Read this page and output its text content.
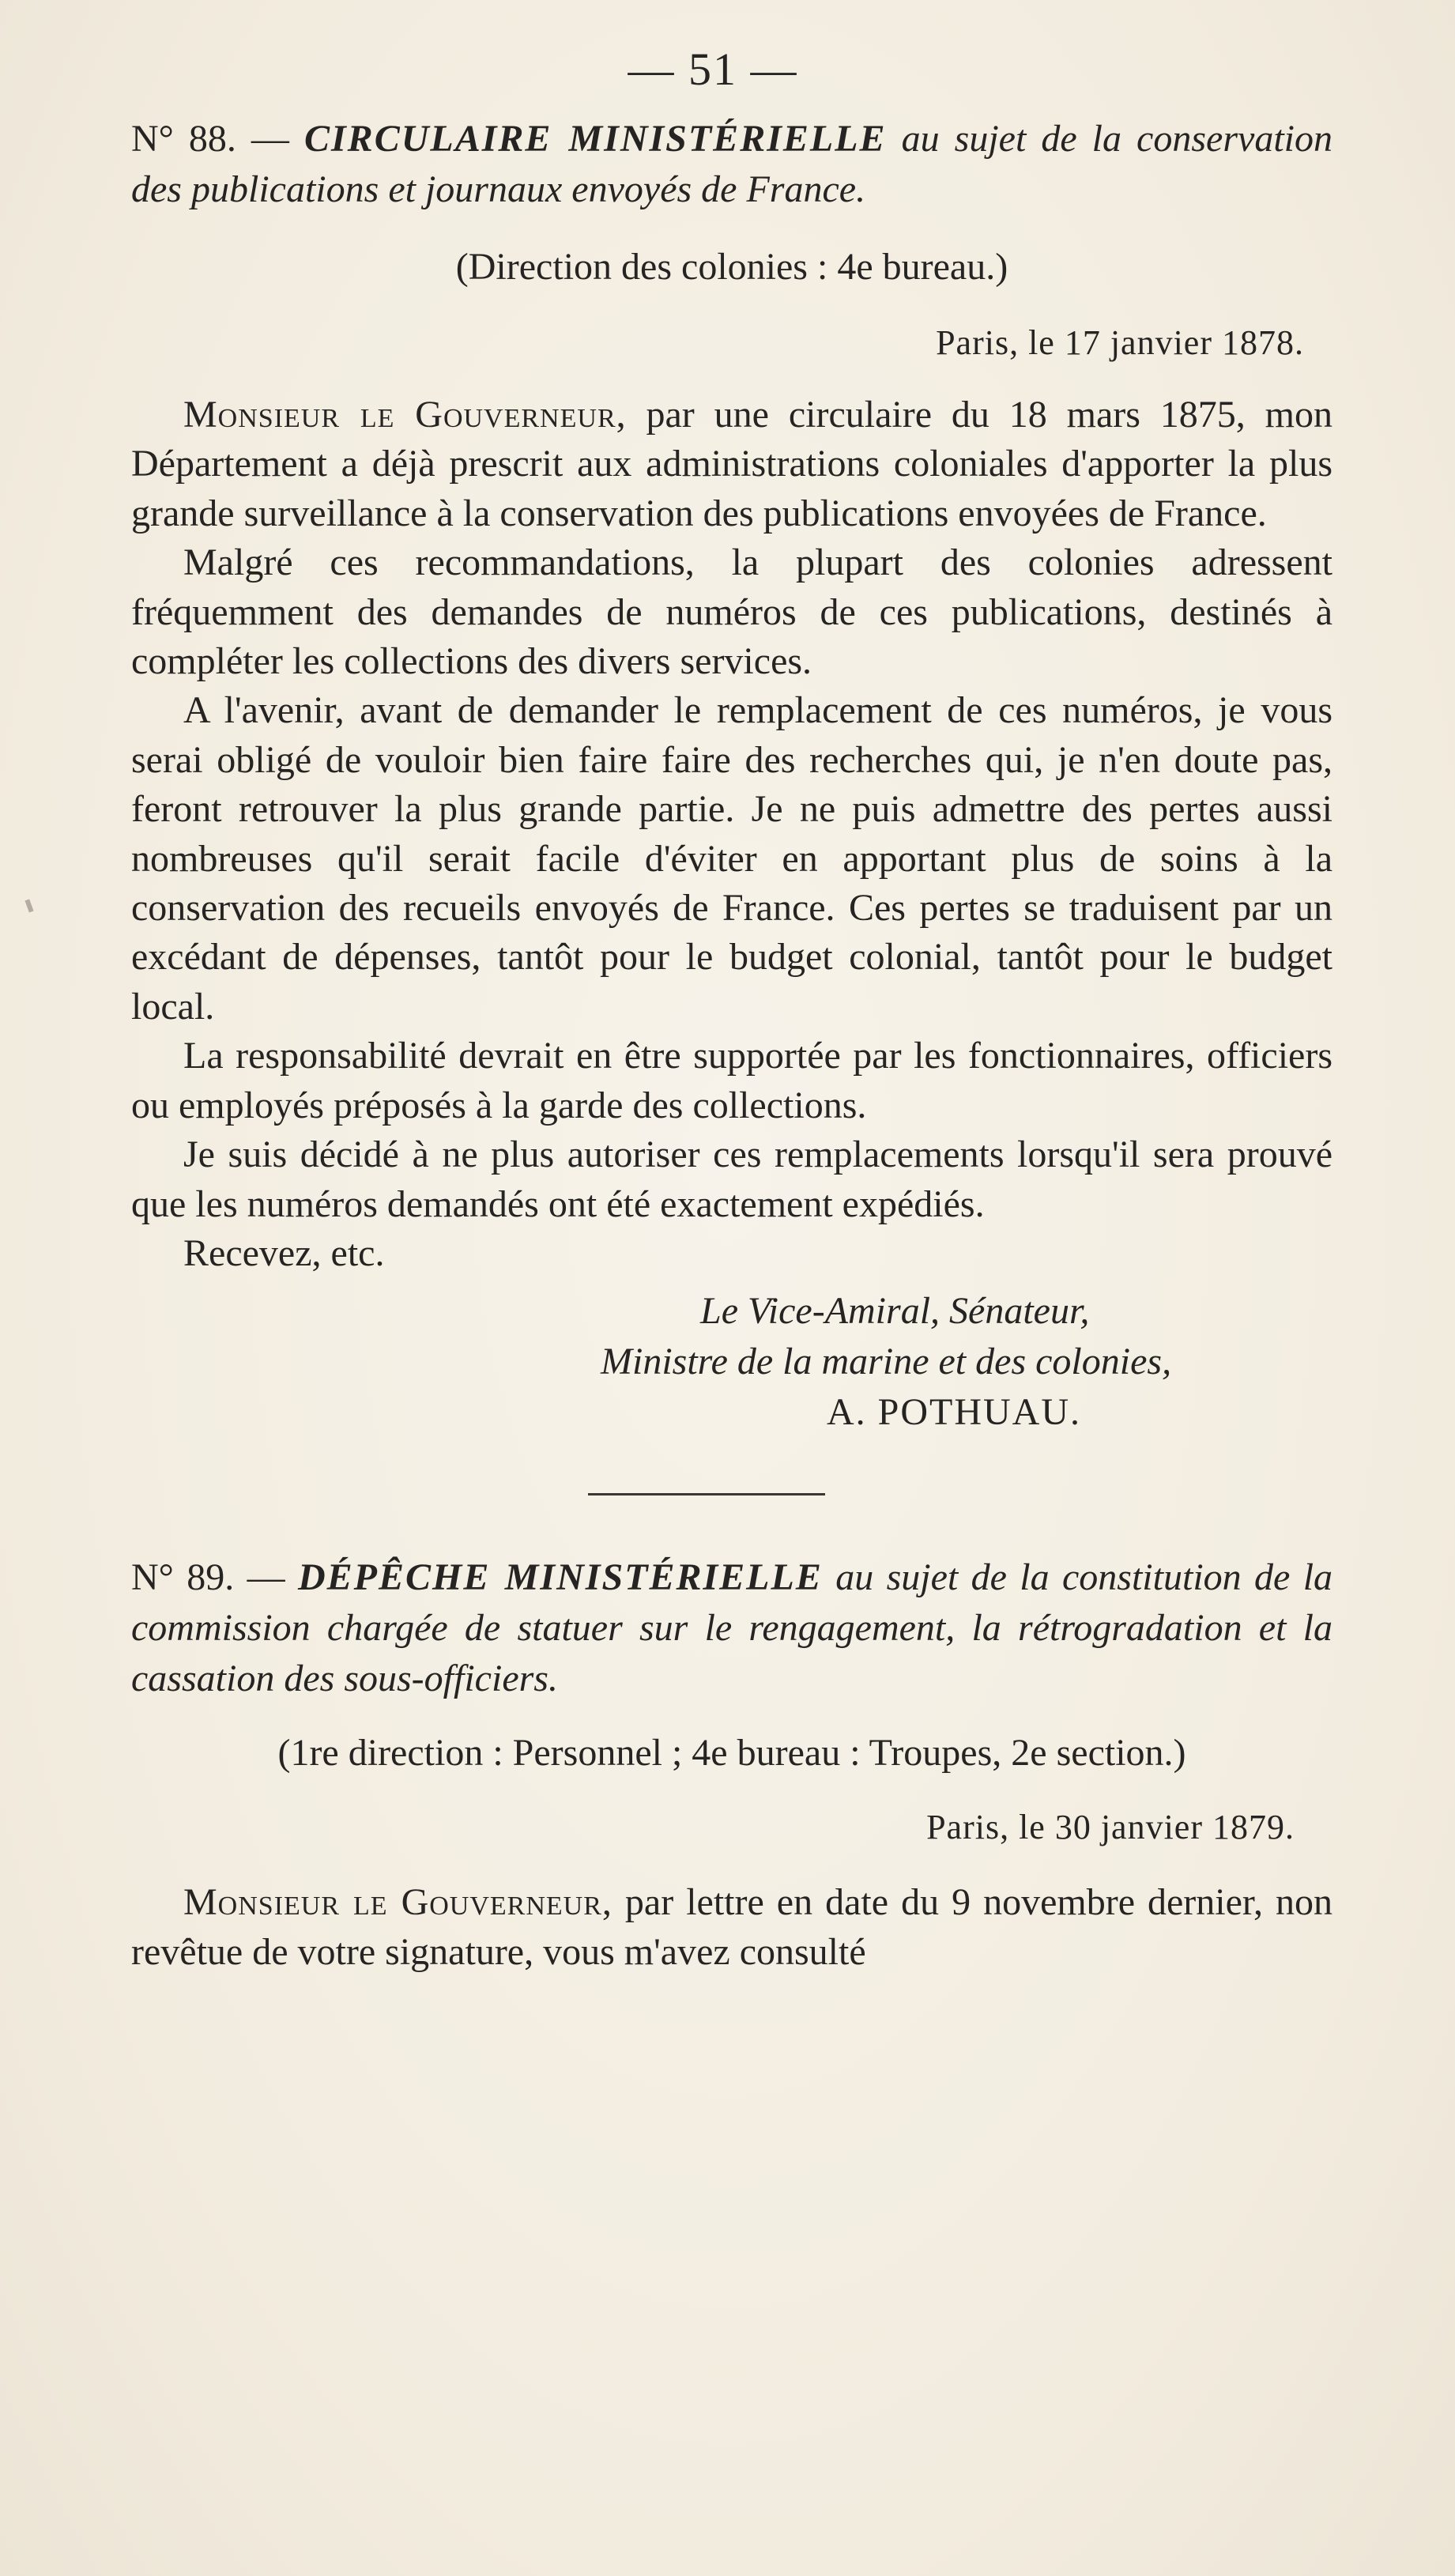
— 51 —
N° 88. — CIRCULAIRE MINISTÉRIELLE au sujet de la conservation des publications et journaux envoyés de France.
(Direction des colonies : 4e bureau.)
Paris, le 17 janvier 1878.

Monsieur le Gouverneur, par une circulaire du 18 mars 1875, mon Département a déjà prescrit aux administrations coloniales d'apporter la plus grande surveillance à la conservation des publications envoyées de France.

Malgré ces recommandations, la plupart des colonies adressent fréquemment des demandes de numéros de ces publications, destinés à compléter les collections des divers services.

A l'avenir, avant de demander le remplacement de ces numéros, je vous serai obligé de vouloir bien faire faire des recherches qui, je n'en doute pas, feront retrouver la plus grande partie. Je ne puis admettre des pertes aussi nombreuses qu'il serait facile d'éviter en apportant plus de soins à la conservation des recueils envoyés de France. Ces pertes se traduisent par un excédant de dépenses, tantôt pour le budget colonial, tantôt pour le budget local.

La responsabilité devrait en être supportée par les fonctionnaires, officiers ou employés préposés à la garde des collections.

Je suis décidé à ne plus autoriser ces remplacements lorsqu'il sera prouvé que les numéros demandés ont été exactement expédiés.

Recevez, etc.

Le Vice-Amiral, Sénateur,
Ministre de la marine et des colonies,
A. POTHUAU.
N° 89. — DÉPÊCHE MINISTÉRIELLE au sujet de la constitution de la commission chargée de statuer sur le rengagement, la rétrogradation et la cassation des sous-officiers.
(1re direction : Personnel ; 4e bureau : Troupes, 2e section.)
Paris, le 30 janvier 1879.

Monsieur le Gouverneur, par lettre en date du 9 novembre dernier, non revêtue de votre signature, vous m'avez consulté
